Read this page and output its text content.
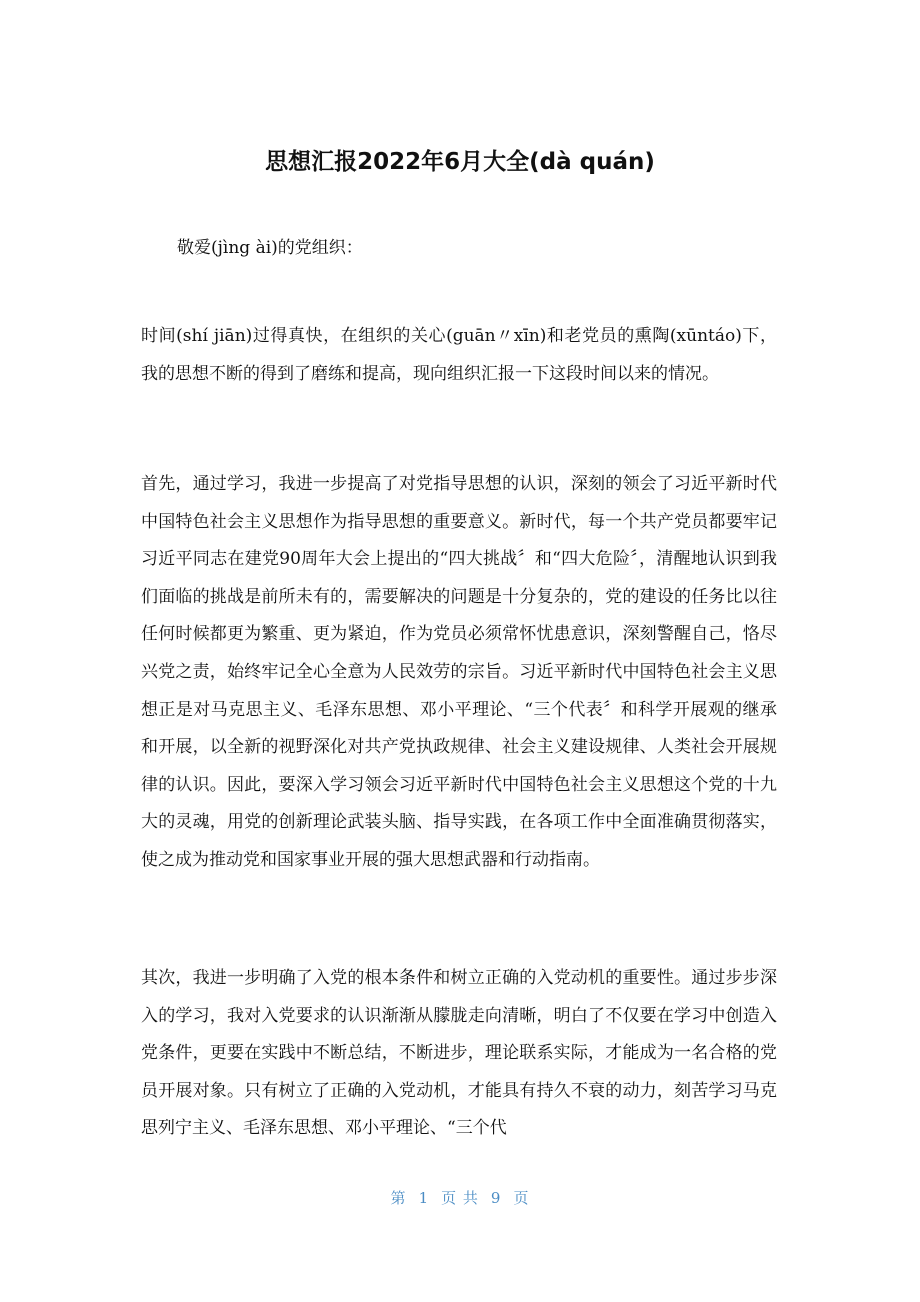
思想汇报2022年6月大全(dà quán)

敬爱(jìng ài)的党组织：

时间(shí jiān)过得真快，在组织的关心(guān〃xīn)和老党员的熏陶(xūntáo)下，我的思想不断的得到了磨练和提高，现向组织汇报一下这段时间以来的情况。

首先，通过学习，我进一步提高了对党指导思想的认识，深刻的领会了习近平新时代中国特色社会主义思想作为指导思想的重要意义。新时代，每一个共产党员都要牢记习近平同志在建党90周年大会上提出的“四大挑战〞和“四大危险〞，清醒地认识到我们面临的挑战是前所未有的，需要解决的问题是十分复杂的，党的建设的任务比以往任何时候都更为繁重、更为紧迫，作为党员必须常怀忧患意识，深刻警醒自己，恪尽兴党之责，始终牢记全心全意为人民效劳的宗旨。习近平新时代中国特色社会主义思想正是对马克思主义、毛泽东思想、邓小平理论、“三个代表〞和科学开展观的继承和开展，以全新的视野深化对共产党执政规律、社会主义建设规律、人类社会开展规律的认识。因此，要深入学习领会习近平新时代中国特色社会主义思想这个党的十九大的灵魂，用党的创新理论武装头脑、指导实践，在各项工作中全面准确贯彻落实，使之成为推动党和国家事业开展的强大思想武器和行动指南。

其次，我进一步明确了入党的根本条件和树立正确的入党动机的重要性。通过步步深入的学习，我对入党要求的认识渐渐从朦胧走向清晰，明白了不仅要在学习中创造入党条件，更要在实践中不断总结，不断进步，理论联系实际，才能成为一名合格的党员开展对象。只有树立了正确的入党动机，才能具有持久不衰的动力，刻苦学习马克思列宁主义、毛泽东思想、邓小平理论、“三个代

第 1 页 共 9 页
